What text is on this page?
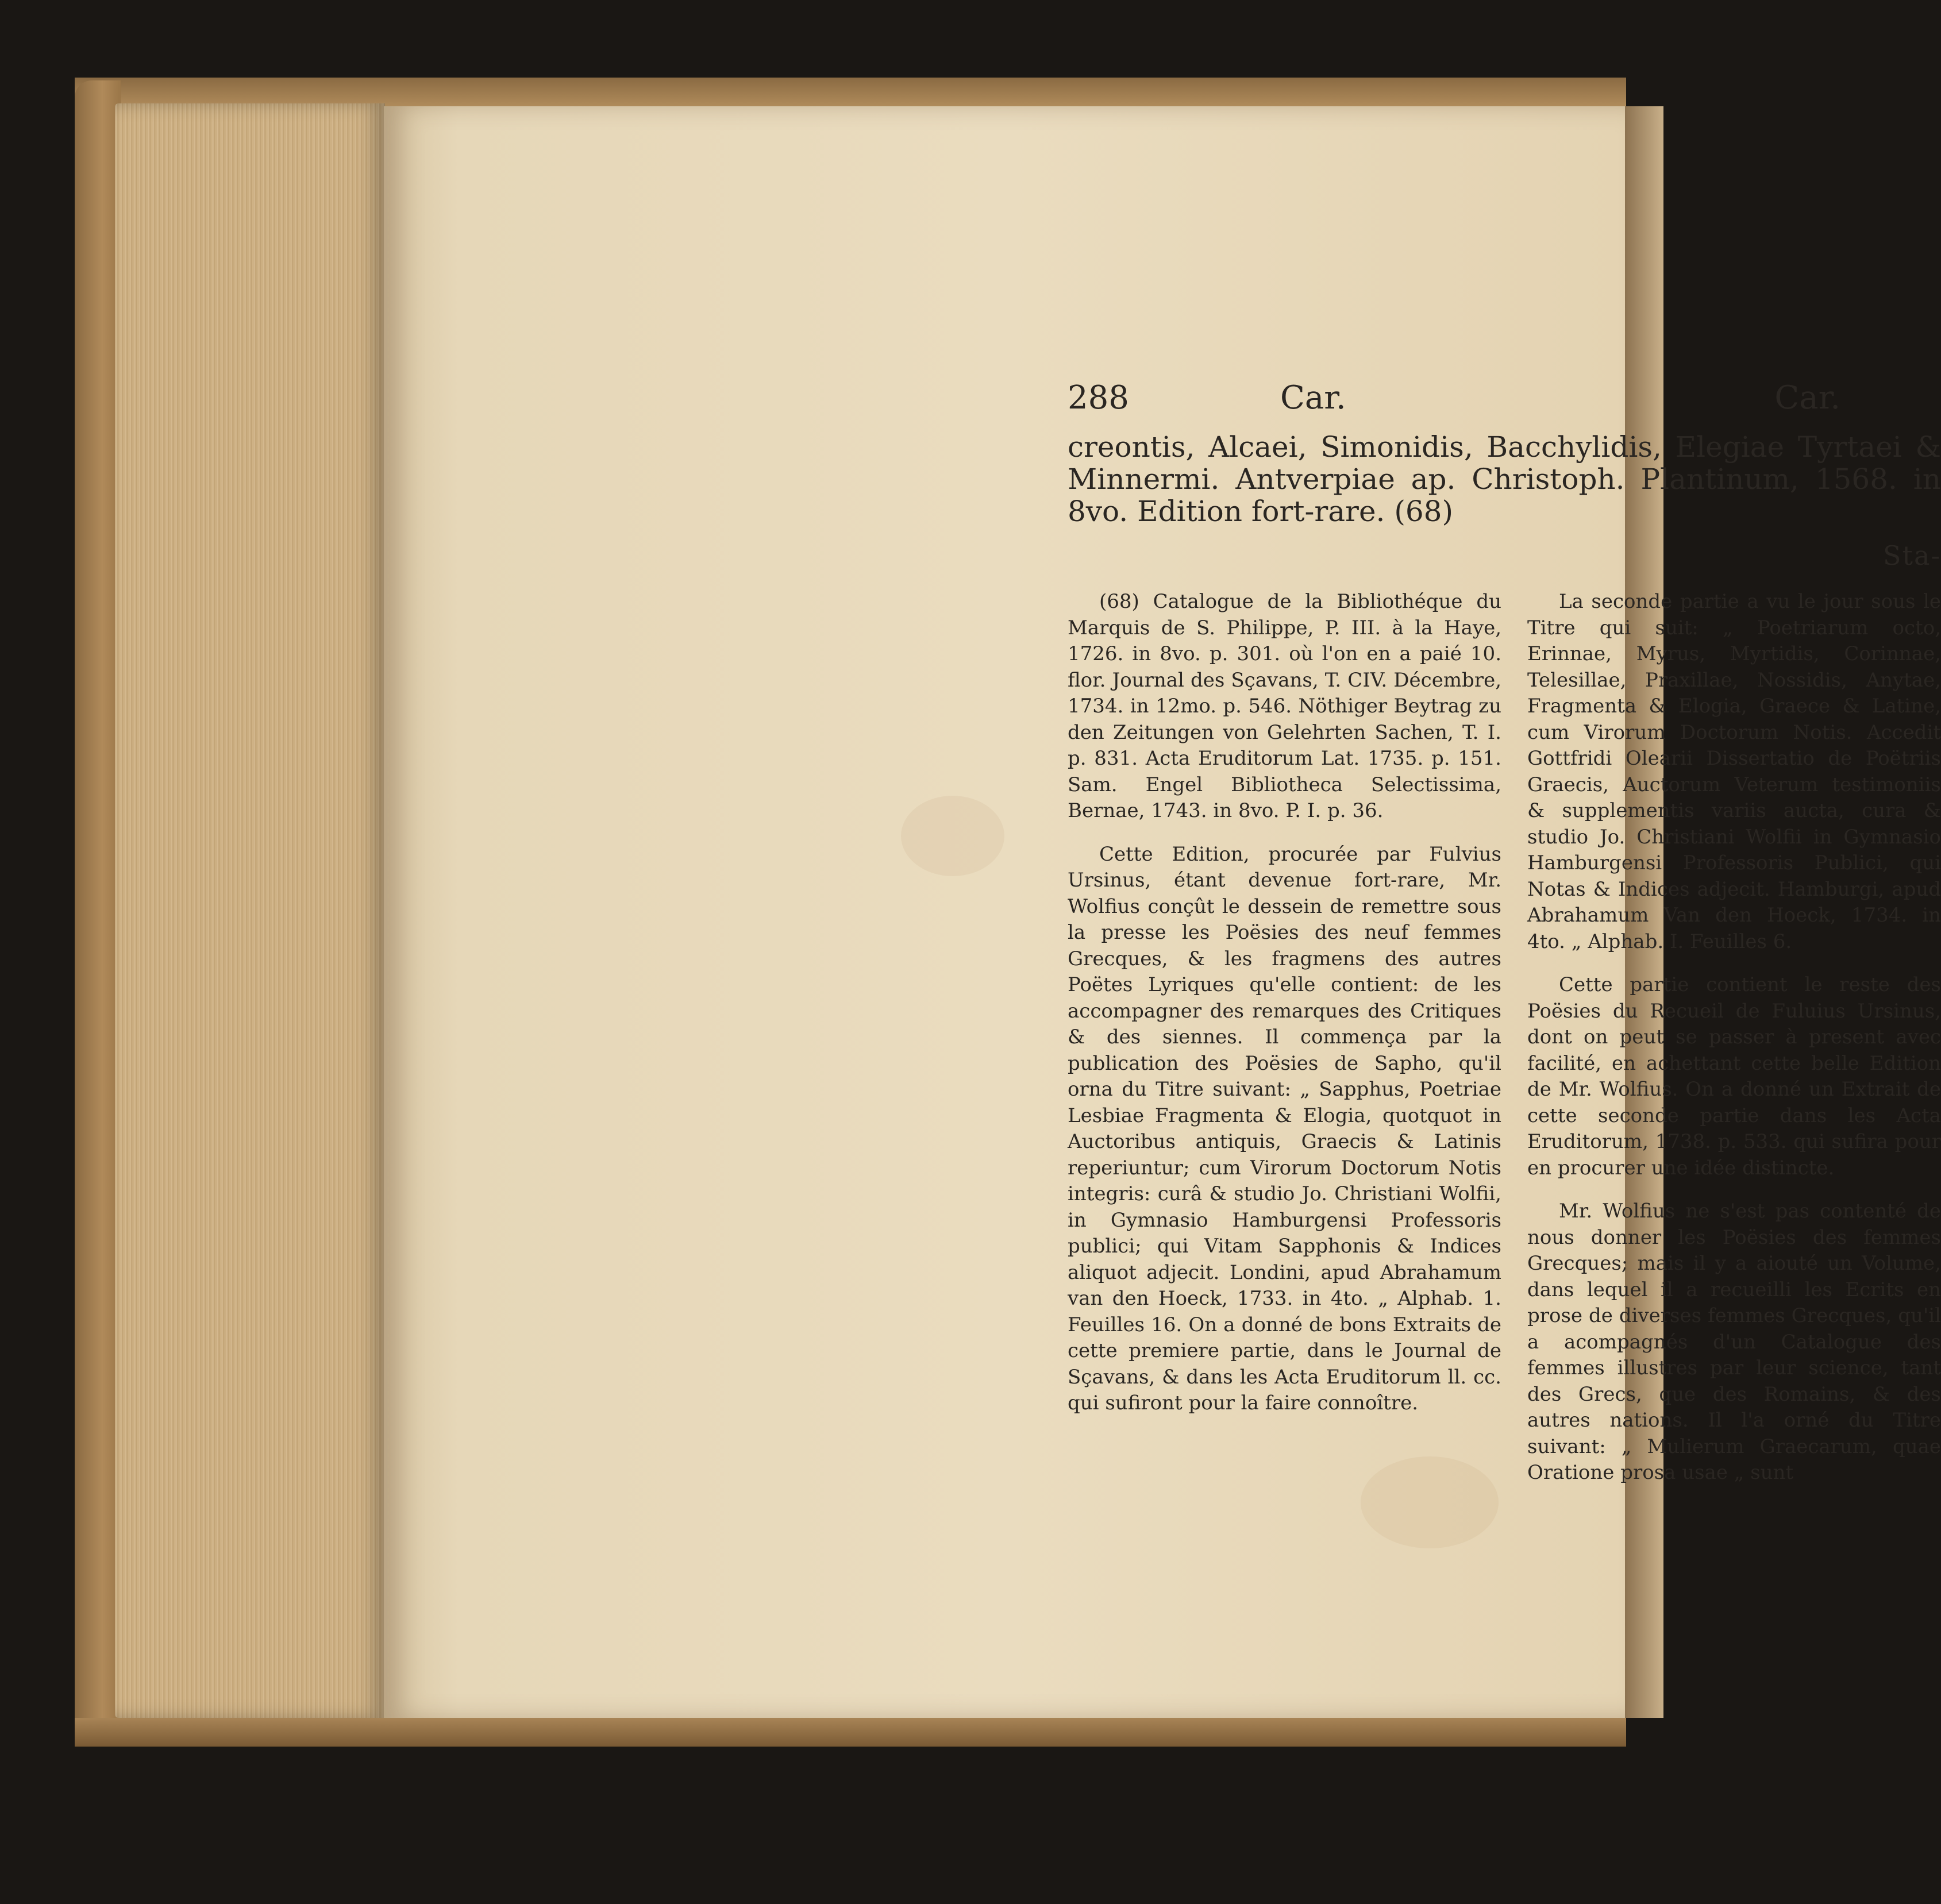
288	Car.	Car.
creontis, Alcaei, Simonidis, Bacchylidis, Elegiae Tyrtaei & Minnermi. Antverpiae ap. Christoph. Plantinum, 1568. in 8vo. Edition fort-rare. (68)
Sta-

(68) Catalogue de la Bibliothéque du Marquis de S. Philippe, P. III. à la Haye, 1726. in 8vo. p. 301. où l'on en a paié 10. flor. Journal des Sçavans, T. CIV. Décembre, 1734. in 12mo. p. 546. Nöthiger Beytrag zu den Zeitungen von Gelehrten Sachen, T. I. p. 831. Acta Eruditorum Lat. 1735. p. 151. Sam. Engel Bibliotheca Selectissima, Bernae, 1743. in 8vo. P. I. p. 36.

Cette Edition, procurée par Fulvius Ursinus, étant devenue fort-rare, Mr. Wolfius conçût le dessein de remettre sous la presse les Poësies des neuf femmes Grecques, & les fragmens des autres Poëtes Lyriques qu'elle contient: de les accompagner des remarques des Critiques & des siennes. Il commença par la publication des Poësies de Sapho, qu'il orna du Titre suivant: „ Sapphus, Poetriae Lesbiae Fragmenta & Elogia, quotquot in Auctoribus antiquis, Graecis & Latinis reperiuntur; cum Virorum Doctorum Notis integris: curâ & studio Jo. Christiani Wolfii, in Gymnasio Hamburgensi Professoris publici; qui Vitam Sapphonis & Indices aliquot adjecit. Londini, apud Abrahamum van den Hoeck, 1733. in 4to. „ Alphab. 1. Feuilles 16. On a donné de bons Extraits de cette premiere partie, dans le Journal de Sçavans, & dans les Acta Eruditorum ll. cc. qui sufiront pour la faire connoître.

La seconde partie a vu le jour sous le Titre qui suit: „ Poetriarum octo, Erinnae, Myrus, Myrtidis, Corinnae, Telesillae, Praxillae, Nossidis, Anytae, Fragmenta & Elogia, Graece & Latine, cum Virorum Doctorum Notis. Accedit Gottfridi Olearii Dissertatio de Poëtriis Graecis, Auctorum Veterum testimoniis & supplementis variis aucta, cura & studio Jo. Christiani Wolfii in Gymnasio Hamburgensi Professoris Publici, qui Notas & Indices adjecit. Hamburgi, apud Abrahamum Van den Hoeck, 1734. in 4to. „ Alphab. I. Feuilles 6.

Cette partie contient le reste des Poësies du Recueil de Fuluius Ursinus, dont on peut se passer à present avec facilité, en achettant cette belle Edition de Mr. Wolfius. On a donné un Extrait de cette seconde partie dans les Acta Eruditorum, 1738. p. 533. qui sufira pour en procurer une idée distincte.

Mr. Wolfius ne s'est pas contenté de nous donner les Poësies des femmes Grecques; mais il y a aiouté un Volume, dans lequel il a recueilli les Ecrits en prose de diverses femmes Grecques, qu'il a acompagnés d'un Catalogue des femmes illustres par leur science, tant des Grecs, que des Romains, & des autres nations. Il l'a orné du Titre suivant: „ Mulierum Graecarum, quae Oratione prosa usae „ sunt
